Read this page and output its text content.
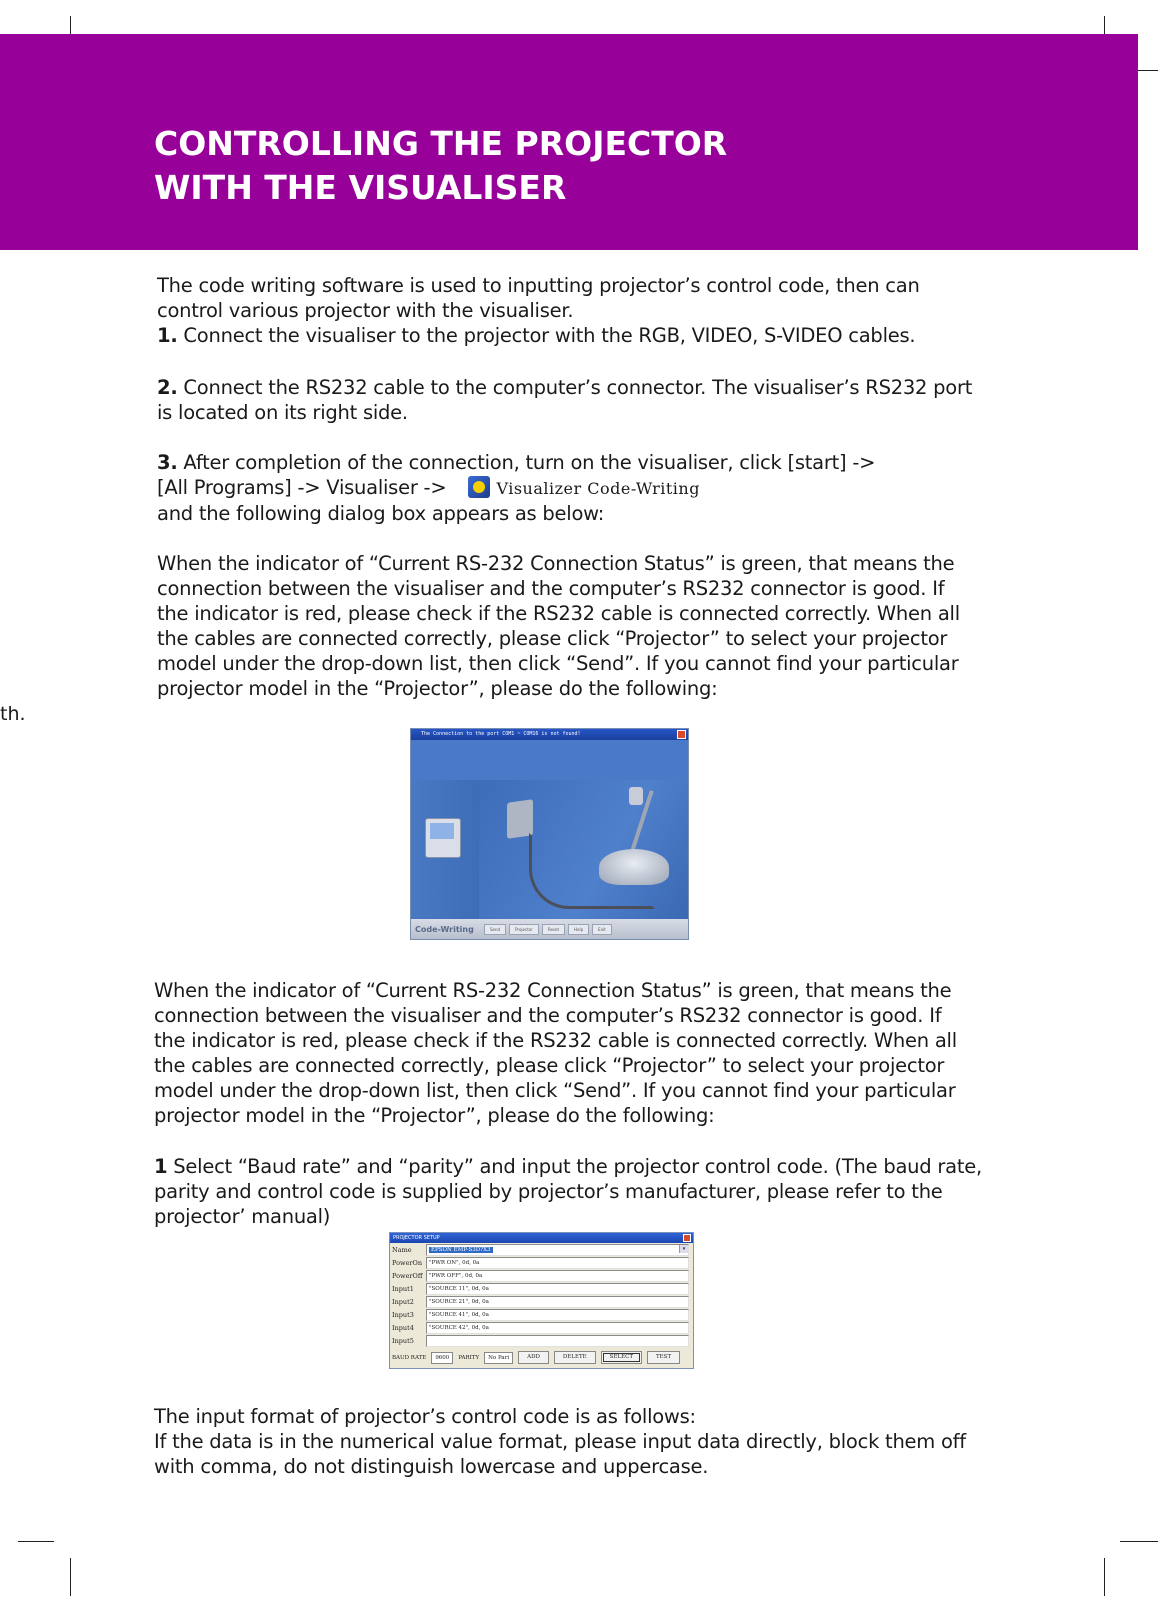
CONTROLLING THE PROJECTOR
WITH THE VISUALISER
th.

The code writing software is used to inputting projector’s control code, then can control various projector with the visualiser.
1. Connect the visualiser to the projector with the RGB, VIDEO, S-VIDEO cables.

2. Connect the RS232 cable to the computer’s connector. The visualiser’s RS232 port is located on its right side.

3. After completion of the connection, turn on the visualiser, click [start] ->
[All Programs] -> Visualiser ->	Visualizer Code-Writing
and the following dialog box appears as below:

When the indicator of “Current RS-232 Connection Status” is green, that means the connection between the visualiser and the computer’s RS232 connector is good. If the indicator is red, please check if the RS232 cable is connected correctly. When all the cables are connected correctly, please click “Projector” to select your projector model under the drop-down list, then click “Send”. If you cannot find your particular projector model in the “Projector”, please do the following:

The Connection to the port COM1 ~ COM16 is not found!
Code-Writing	Send	Projector	Reset	Help	Exit

When the indicator of “Current RS-232 Connection Status” is green, that means the connection between the visualiser and the computer’s RS232 connector is good. If the indicator is red, please check if the RS232 cable is connected correctly. When all the cables are connected correctly, please click “Projector” to select your projector model under the drop-down list, then click “Send”. If you cannot find your particular projector model in the “Projector”, please do the following:

1 Select “Baud rate” and “parity” and input the projector control code. (The baud rate, parity and control code is supplied by projector’s manufacturer, please refer to the projector’ manual)

PROJECTOR SETUP
Name	EPSON EMP-S3D?X3	▾
PowerOn	"PWR ON", 0d, 0a
PowerOff	"PWR OFF", 0d, 0a
Input1	"SOURCE 11", 0d, 0a
Input2	"SOURCE 21", 0d, 0a
Input3	"SOURCE 41", 0d, 0a
Input4	"SOURCE 42", 0d, 0a
Input5
BAUD RATE	9600	PARITY	No Pari	ADD	DELETE	SELECT	TEST

The input format of projector’s control code is as follows:
If the data is in the numerical value format, please input data directly, block them off with comma, do not distinguish lowercase and uppercase.
